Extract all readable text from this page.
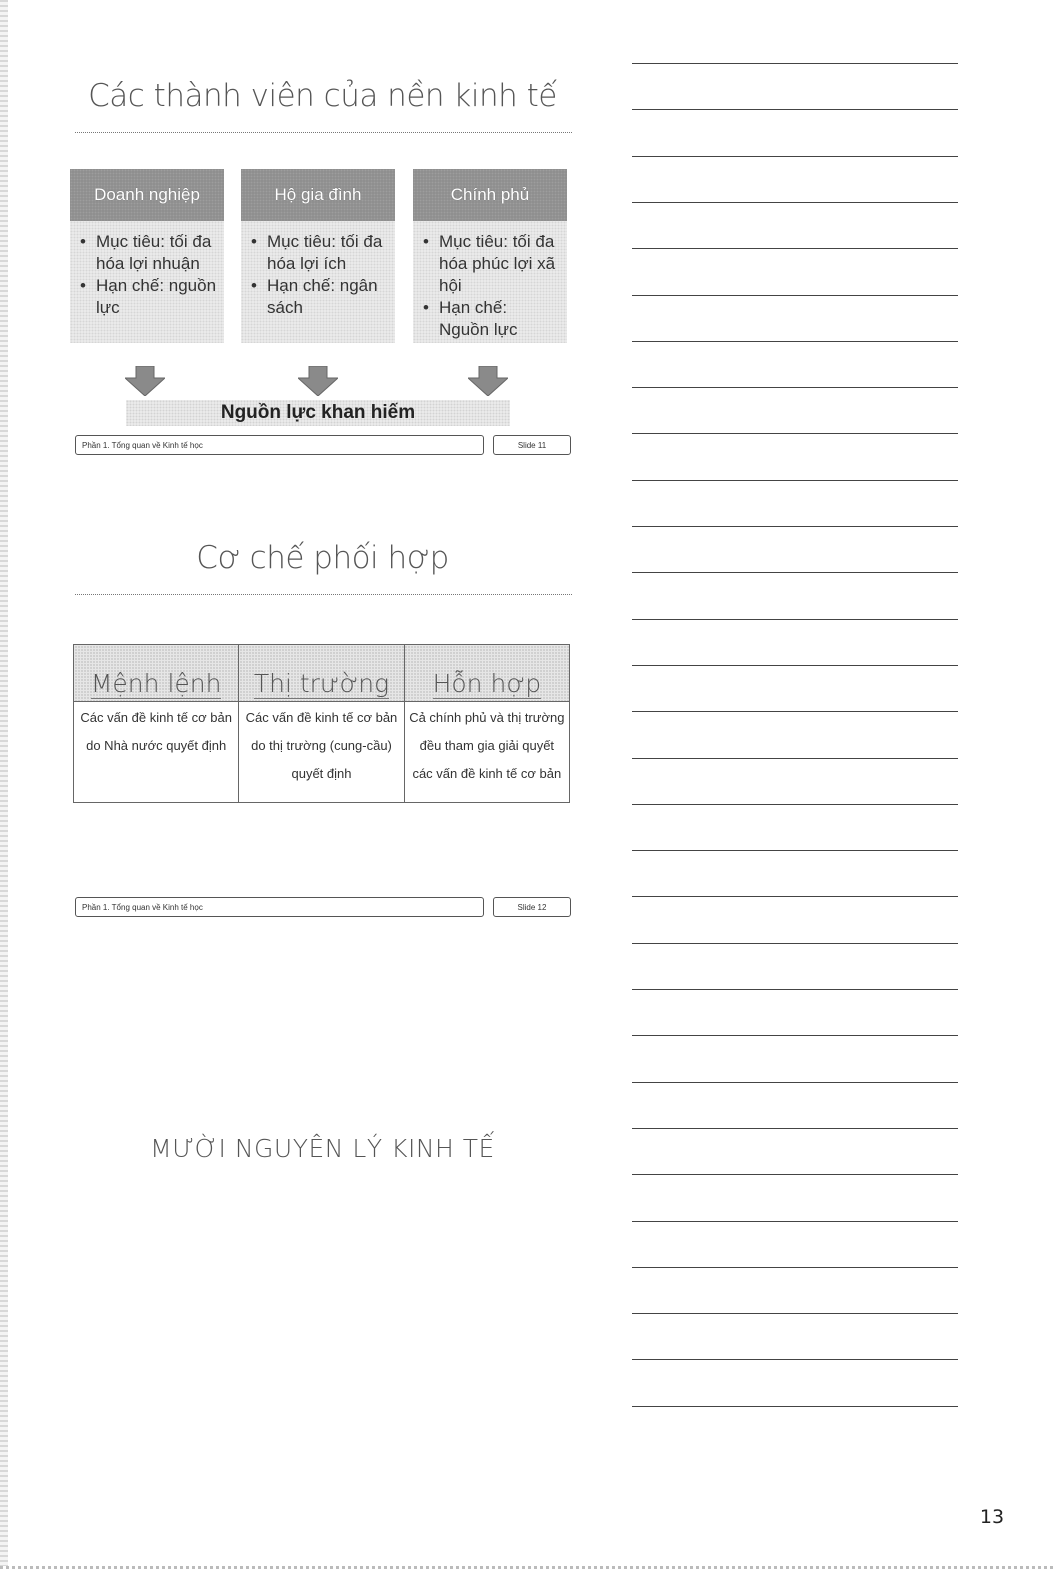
Các thành viên của nền kinh tế
Doanh nghiệp
• Mục tiêu: tối đa hóa lợi nhuận
• Hạn chế: nguồn lực
Hộ gia đình
• Mục tiêu: tối đa hóa lợi ích
• Hạn chế: ngân sách
Chính phủ
• Mục tiêu: tối đa hóa phúc lợi xã hội
• Hạn chế: Nguồn lực
Nguồn lực khan hiếm
Phần 1. Tổng quan về Kinh tế học	Slide 11
Cơ chế phối hợp
Mệnh lệnh	Thị trường	Hỗn hợp
Các vấn đề kinh tế cơ bản do Nhà nước quyết định	Các vấn đề kinh tế cơ bản do thị trường (cung-cầu) quyết định	Cả chính phủ và thị trường đều tham gia giải quyết các vấn đề kinh tế cơ bản
Phần 1. Tổng quan về Kinh tế học	Slide 12
MƯỜI NGUYÊN LÝ KINH TẾ
13
